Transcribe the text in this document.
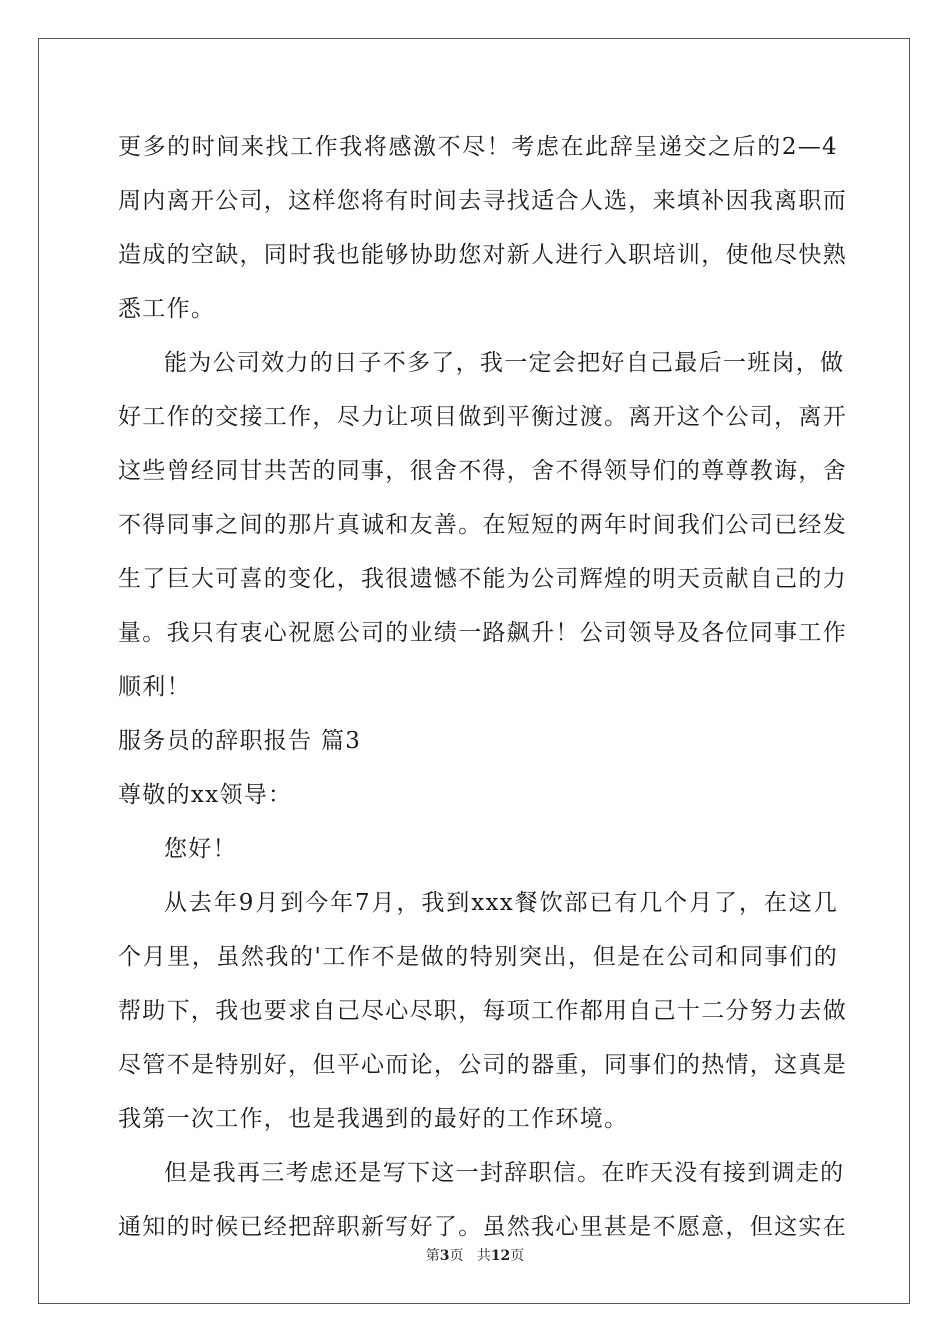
更多的时间来找工作我将感激不尽！考虑在此辞呈递交之后的2—4
周内离开公司，这样您将有时间去寻找适合人选，来填补因我离职而
造成的空缺，同时我也能够协助您对新人进行入职培训，使他尽快熟
悉工作。
能为公司效力的日子不多了，我一定会把好自己最后一班岗，做
好工作的交接工作，尽力让项目做到平衡过渡。离开这个公司，离开
这些曾经同甘共苦的同事，很舍不得，舍不得领导们的尊尊教诲，舍
不得同事之间的那片真诚和友善。在短短的两年时间我们公司已经发
生了巨大可喜的变化，我很遗憾不能为公司辉煌的明天贡献自己的力
量。我只有衷心祝愿公司的业绩一路飙升！公司领导及各位同事工作
顺利！
服务员的辞职报告 篇3
尊敬的xx领导：
您好！
从去年9月到今年7月，我到xxx餐饮部已有几个月了，在这几
个月里，虽然我的'工作不是做的特别突出，但是在公司和同事们的
帮助下，我也要求自己尽心尽职，每项工作都用自己十二分努力去做
尽管不是特别好，但平心而论，公司的器重，同事们的热情，这真是
我第一次工作，也是我遇到的最好的工作环境。
但是我再三考虑还是写下这一封辞职信。在昨天没有接到调走的
通知的时候已经把辞职新写好了。虽然我心里甚是不愿意，但这实在
第3页 共12页
